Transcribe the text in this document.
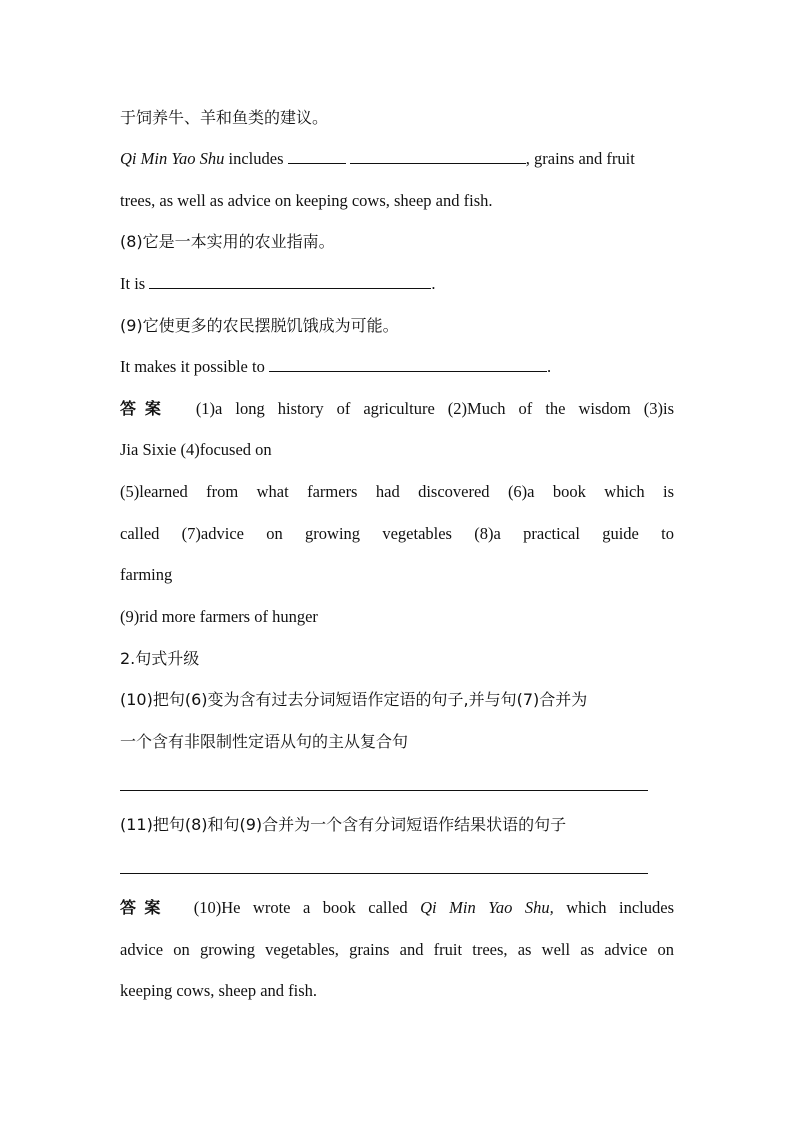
于饲养牛、羊和鱼类的建议。
Qi Min Yao Shu includes	, grains and fruit
trees, as well as advice on keeping cows, sheep and fish.
(8)它是一本实用的农业指南。
It is	.
(9)它使更多的农民摆脱饥饿成为可能。
It makes it possible to	.
答案 (1)a long history of agriculture (2)Much of the wisdom (3)is
Jia Sixie (4)focused on
(5)learned from what farmers had discovered (6)a book which is
called (7)advice on growing vegetables (8)a practical guide to
farming
(9)rid more farmers of hunger
2.句式升级
(10)把句(6)变为含有过去分词短语作定语的句子,并与句(7)合并为
一个含有非限制性定语从句的主从复合句
(11)把句(8)和句(9)合并为一个含有分词短语作结果状语的句子
答案 (10)He wrote a book called Qi Min Yao Shu, which includes
advice on growing vegetables, grains and fruit trees, as well as advice on
keeping cows, sheep and fish.
